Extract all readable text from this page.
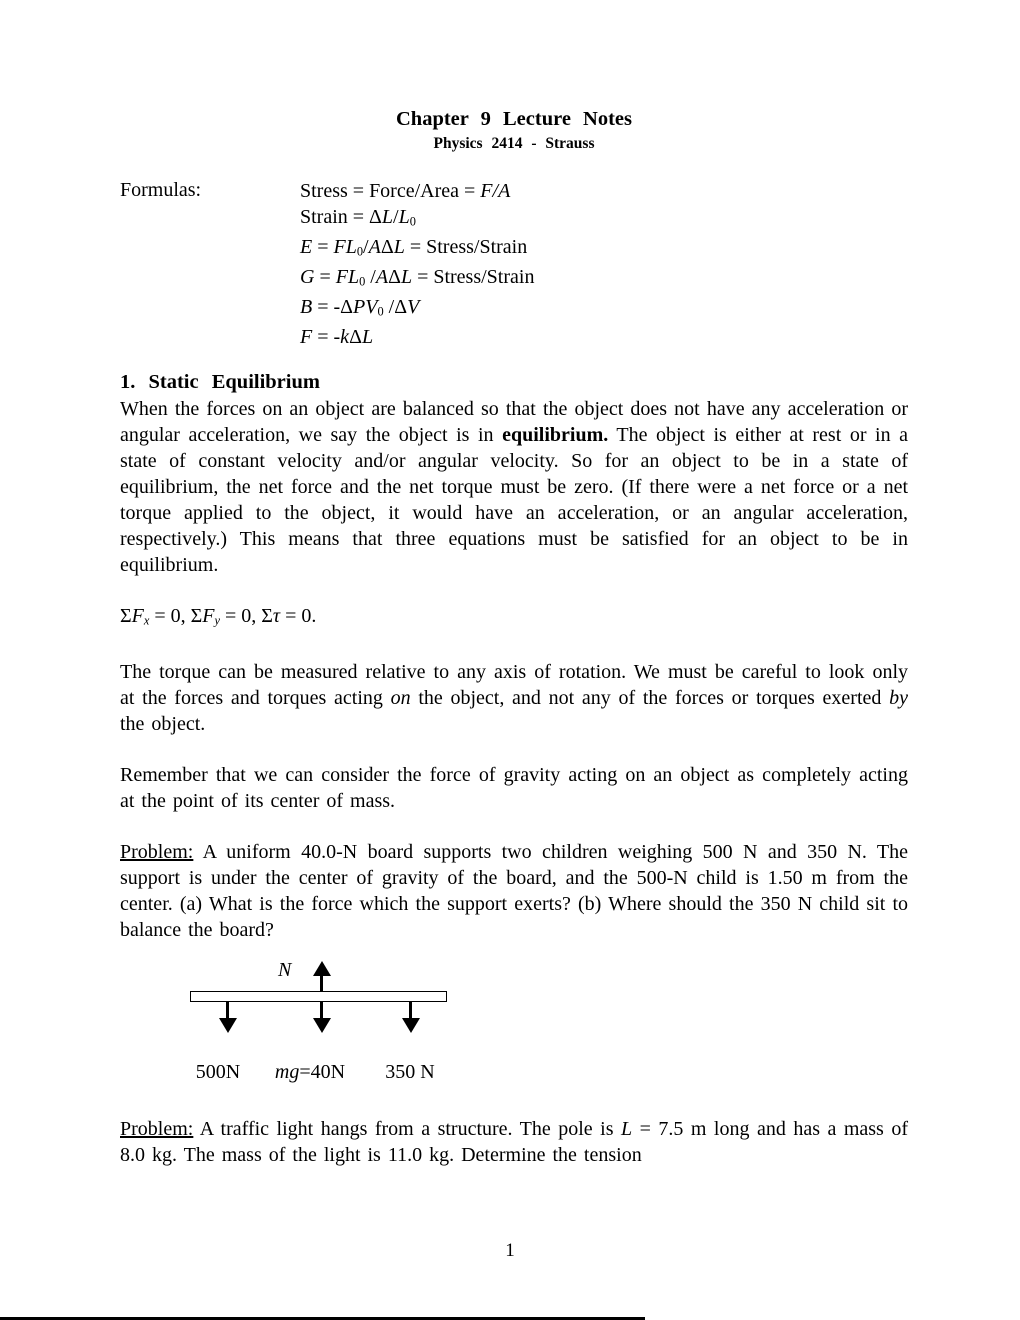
Chapter 9 Lecture Notes
Physics 2414 - Strauss
Formulas:	Stress = Force/Area = F/A
Strain = ΔL/L0
E = FL0/AΔL = Stress/Strain
G = FL0 /AΔL = Stress/Strain
B = -ΔPV0 /ΔV
F = -kΔL
1. Static Equilibrium

When the forces on an object are balanced so that the object does not have any acceleration or angular acceleration, we say the object is in equilibrium. The object is either at rest or in a state of constant velocity and/or angular velocity. So for an object to be in a state of equilibrium, the net force and the net torque must be zero. (If there were a net force or a net torque applied to the object, it would have an acceleration, or an angular acceleration, respectively.) This means that three equations must be satisfied for an object to be in equilibrium.

ΣFx = 0, ΣFy = 0, Στ = 0.

The torque can be measured relative to any axis of rotation. We must be careful to look only at the forces and torques acting on the object, and not any of the forces or torques exerted by the object.

Remember that we can consider the force of gravity acting on an object as completely acting at the point of its center of mass.

Problem: A uniform 40.0-N board supports two children weighing 500 N and 350 N. The support is under the center of gravity of the board, and the 500-N child is 1.50 m from the center. (a) What is the force which the support exerts? (b) Where should the 350 N child sit to balance the board?

N
500N mg=40N 350 N

Problem: A traffic light hangs from a structure. The pole is L = 7.5 m long and has a mass of 8.0 kg. The mass of the light is 11.0 kg. Determine the tension

1
